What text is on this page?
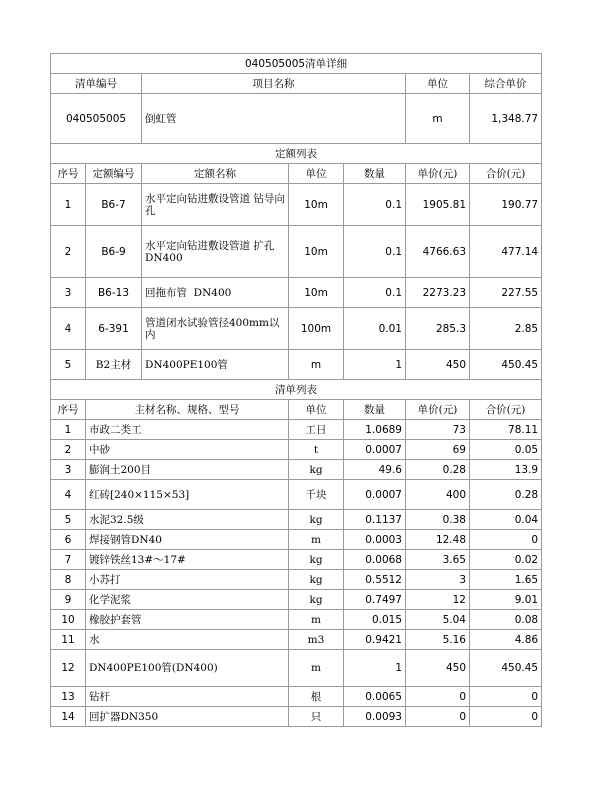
040505005清单详细						
清单编号		项目名称			单位	综合单价
040505005		倒虹管			m	1,348.77
定额列表						
序号	定额编号	定额名称	单位	数量	单价(元)	合价(元)
1	B6-7	水平定向钻进敷设管道 钻导向孔	10m	0.1	1905.81	190.77
2	B6-9	水平定向钻进敷设管道 扩孔 DN400	10m	0.1	4766.63	477.14
3	B6-13	回拖布管  DN400	10m	0.1	2273.23	227.55
4	6-391	管道闭水试验管径400mm以内	100m	0.01	285.3	2.85
5	B2主材	DN400PE100管	m	1	450	450.45
清单列表						
序号	主材名称、规格、型号		单位	数量	单价(元)	合价(元)
1	市政二类工		工日	1.0689	73	78.11
2	中砂		t	0.0007	69	0.05
3	膨润土200目		kg	49.6	0.28	13.9
4	红砖[240×115×53]		千块	0.0007	400	0.28
5	水泥32.5级		kg	0.1137	0.38	0.04
6	焊接钢管DN40		m	0.0003	12.48	0
7	镀锌铁丝13#～17#		kg	0.0068	3.65	0.02
8	小苏打		kg	0.5512	3	1.65
9	化学泥浆		kg	0.7497	12	9.01
10	橡胶护套管		m	0.015	5.04	0.08
11	水		m3	0.9421	5.16	4.86
12	DN400PE100管(DN400)		m	1	450	450.45
13	钻杆		根	0.0065	0	0
14	回扩器DN350		只	0.0093	0	0
